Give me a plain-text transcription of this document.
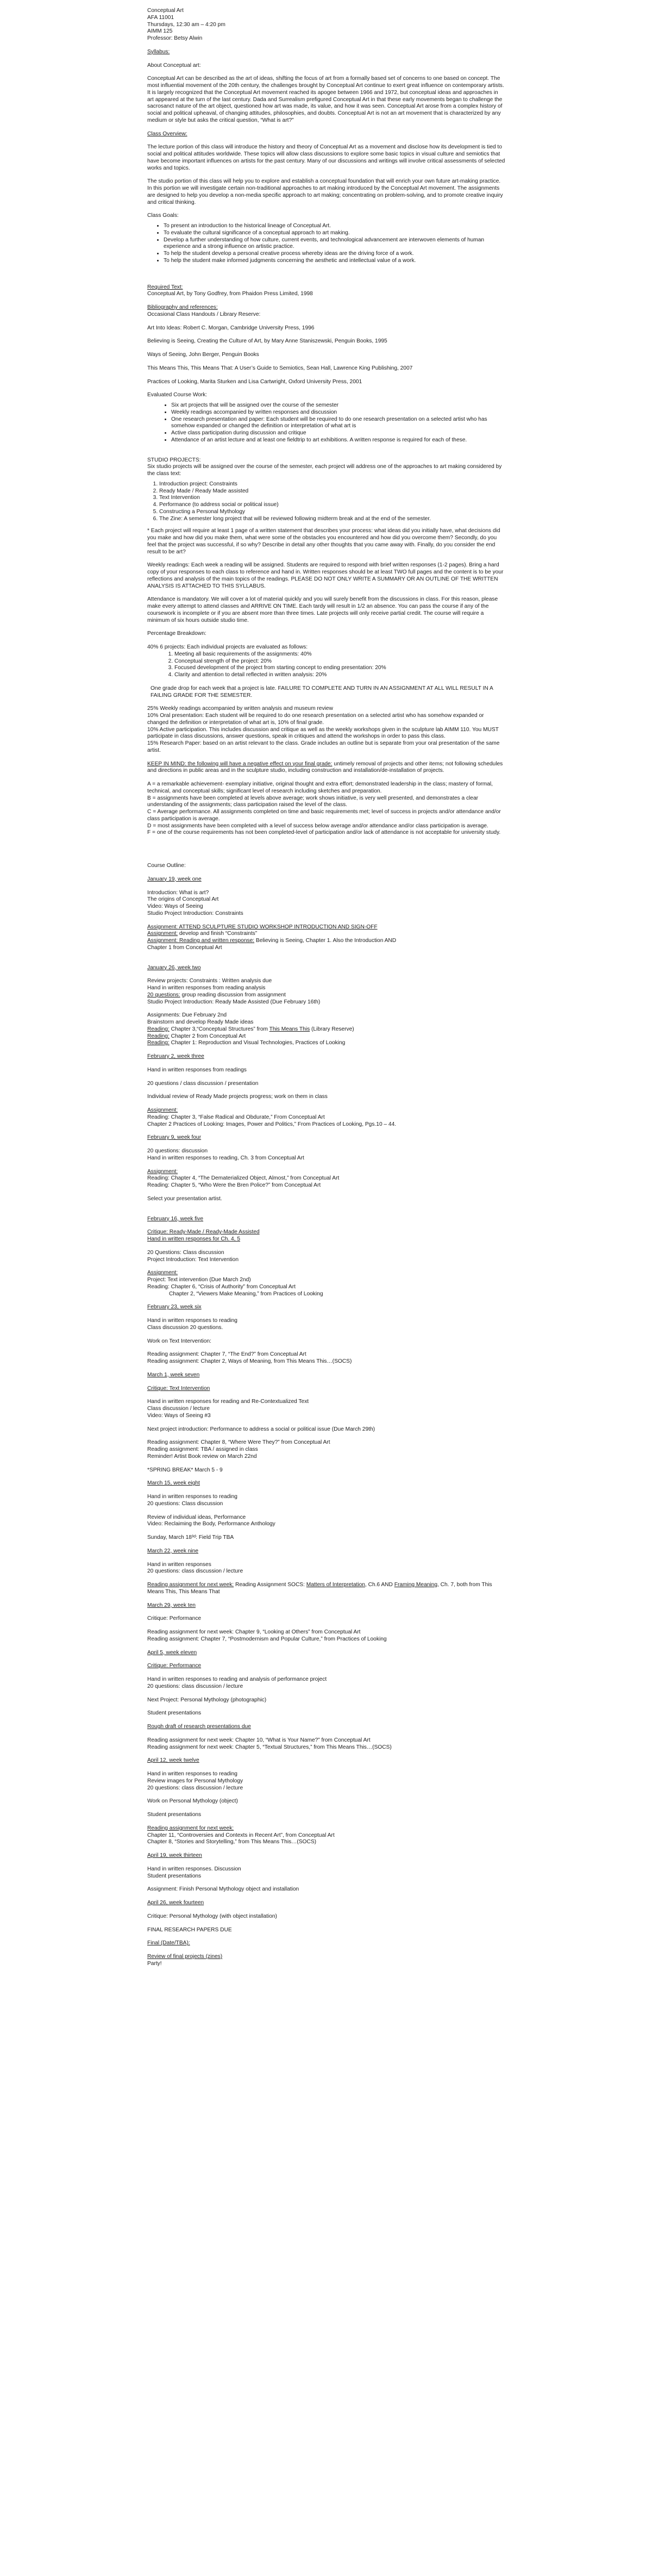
Conceptual Art
AFA 11001
Thursdays, 12:30 am – 4:20 pm
AIMM 125
Professor: Betsy Alwin

Syllabus:

About Conceptual art:

Conceptual Art can be described as the art of ideas, shifting the focus of art from a formally based set of concerns to one based on concept. The most influential movement of the 20th century, the challenges brought by Conceptual Art continue to exert great influence on contemporary artists. It is largely recognized that the Conceptual Art movement reached its apogee between 1966 and 1972, but conceptual ideas and approaches in art appeared at the turn of the last century. Dada and Surrealism prefigured Conceptual Art in that these early movements began to challenge the sacrosanct nature of the art object, questioned how art was made, its value, and how it was seen. Conceptual Art arose from a complex history of social and political upheaval, of changing attitudes, philosophies, and doubts. Conceptual Art is not an art movement that is characterized by any medium or style but asks the critical question, “What is art?”

Class Overview:

The lecture portion of this class will introduce the history and theory of Conceptual Art as a movement and disclose how its development is tied to social and political attitudes worldwide. These topics will allow class discussions to explore some basic topics in visual culture and semiotics that have become important influences on artists for the past century. Many of our discussions and writings will involve critical assessments of selected works and topics.

The studio portion of this class will help you to explore and establish a conceptual foundation that will enrich your own future art-making practice. In this portion we will investigate certain non-traditional approaches to art making introduced by the Conceptual Art movement. The assignments are designed to help you develop a non-media specific approach to art making; concentrating on problem-solving, and to promote creative inquiry and critical thinking.

Class Goals:

• To present an introduction to the historical lineage of Conceptual Art.
• To evaluate the cultural significance of a conceptual approach to art making.
• Develop a further understanding of how culture, current events, and technological advancement are interwoven elements of human experience and a strong influence on artistic practice.
• To help the student develop a personal creative process whereby ideas are the driving force of a work.
• To help the student make informed judgments concerning the aesthetic and intellectual value of a work.
Required Text:

Conceptual Art, by Tony Godfrey, from Phaidon Press Limited, 1998

Bibliography and references:

Occasional Class Handouts / Library Reserve:

Art Into Ideas: Robert C. Morgan, Cambridge University Press, 1996

Believing is Seeing, Creating the Culture of Art, by Mary Anne Staniszewski, Penguin Books, 1995

Ways of Seeing, John Berger, Penguin Books

This Means This, This Means That: A User’s Guide to Semiotics, Sean Hall, Lawrence King Publishing, 2007

Practices of Looking, Marita Sturken and Lisa Cartwright, Oxford University Press, 2001

Evaluated Course Work:

• Six art projects that will be assigned over the course of the semester
• Weekly readings accompanied by written responses and discussion
• One research presentation and paper: Each student will be required to do one research presentation on a selected artist who has somehow expanded or changed the definition or interpretation of what art is
• Active class participation during discussion and critique
• Attendance of an artist lecture and at least one fieldtrip to art exhibitions. A written response is required for each of these.
STUDIO PROJECTS:

Six studio projects will be assigned over the course of the semester, each project will address one of the approaches to art making considered by the class text:

1. Introduction project: Constraints
2. Ready Made / Ready Made assisted
3. Text Intervention
4. Performance (to address social or political issue)
5. Constructing a Personal Mythology
6. The Zine: A semester long project that will be reviewed following midterm break and at the end of the semester.

* Each project will require at least 1 page of a written statement that describes your process: what ideas did you initially have, what decisions did you make and how did you make them, what were some of the obstacles you encountered and how did you overcome them? Secondly, do you feel that the project was successful, if so why? Describe in detail any other thoughts that you came away with. Finally, do you consider the end result to be art?

Weekly readings: Each week a reading will be assigned. Students are required to respond with brief written responses (1-2 pages). Bring a hard copy of your responses to each class to reference and hand in. Written responses should be at least TWO full pages and the content is to be your reflections and analysis of the main topics of the readings. PLEASE DO NOT ONLY WRITE A SUMMARY OR AN OUTLINE OF THE WRITTEN ANALYSIS IS ATTACHED TO THIS SYLLABUS.

Attendance is mandatory. We will cover a lot of material quickly and you will surely benefit from the discussions in class. For this reason, please make every attempt to attend classes and ARRIVE ON TIME. Each tardy will result in 1/2 an absence. You can pass the course if any of the coursework is incomplete or if you are absent more than three times. Late projects will only receive partial credit. The course will require a minimum of six hours outside studio time.

Percentage Breakdown:

40% 6 projects: Each individual projects are evaluated as follows:
1. Meeting all basic requirements of the assignments: 40%
2. Conceptual strength of the project: 20%
3. Focused development of the project from starting concept to ending presentation: 20%
4. Clarity and attention to detail reflected in written analysis: 20%

One grade drop for each week that a project is late. FAILURE TO COMPLETE AND TURN IN AN ASSIGNMENT AT ALL WILL RESULT IN A FAILING GRADE FOR THE SEMESTER.

25% Weekly readings accompanied by written analysis and museum review
10% Oral presentation: Each student will be required to do one research presentation on a selected artist who has somehow expanded or changed the definition or interpretation of what art is, 10% of final grade.
10% Active participation. This includes discussion and critique as well as the weekly workshops given in the sculpture lab AIMM 110. You MUST participate in class discussions, answer questions, speak in critiques and attend the workshops in order to pass this class.
15% Research Paper: based on an artist relevant to the class. Grade includes an outline but is separate from your oral presentation of the same artist.

KEEP IN MIND: the following will have a negative effect on your final grade: untimely removal of projects and other items; not following schedules and directions in public areas and in the sculpture studio, including construction and installation/de-installation of projects.

A = a remarkable achievement- exemplary initiative, original thought and extra effort; demonstrated leadership in the class; mastery of formal, technical, and conceptual skills; significant level of research including sketches and preparation.
B = assignments have been completed at levels above average; work shows initiative, is very well presented, and demonstrates a clear understanding of the assignments; class participation raised the level of the class.
C = Average performance. All assignments completed on time and basic requirements met; level of success in projects and/or attendance and/or class participation is average.
D = most assignments have been completed with a level of success below average and/or attendance and/or class participation is average.
F = one of the course requirements has not been completed-level of participation and/or lack of attendance is not acceptable for university study.

Course Outline:

January 19, week one

Introduction: What is art?
The origins of Conceptual Art
Video: Ways of Seeing
Studio Project Introduction: Constraints
Assignment: ATTEND SCULPTURE STUDIO WORKSHOP INTRODUCTION AND SIGN-OFF
Assignment: develop and finish “Constraints”
Assignment: Reading and written response: Believing is Seeing, Chapter 1. Also the Introduction AND

Chapter 1 from Conceptual Art

January 26, week two

Review projects: Constraints : Written analysis due
Hand in written responses from reading analysis
20 questions: group reading discussion from assignment

Studio Project Introduction: Ready Made Assisted (Due February 16th)

Assignments: Due February 2nd
Brainstorm and develop Ready Made ideas
Reading: Chapter 3,“Conceptual Structures” from This Means This (Library Reserve)
Reading: Chapter 2 from Conceptual Art

Reading: Chapter 1: Reproduction and Visual Technologies, Practices of Looking

February 2, week three

Hand in written responses from readings

20 questions / class discussion / presentation

Individual review of Ready Made projects progress; work on them in class

Assignment:
Reading: Chapter 3, “False Radical and Obdurate,” From Conceptual Art

Chapter 2 Practices of Looking: Images, Power and Politics,” From Practices of Looking, Pgs.10 – 44.

February 9, week four

20 questions: discussion

Hand in written responses to reading, Ch. 3 from Conceptual Art

Assignment:
Reading: Chapter 4, “The Dematerialized Object, Almost,” from Conceptual Art

Reading: Chapter 5, “Who Were the Bren Police?” from Conceptual Art

Select your presentation artist.

February 16, week five

Critique: Ready-Made / Ready-Made Assisted

Hand in written responses for Ch. 4, 5

20 Questions: Class discussion

Project Introduction: Text Intervention

Assignment:
Project: Text intervention (Due March 2nd)
Reading: Chapter 6, “Crisis of Authority” from Conceptual Art

Chapter 2, “Viewers Make Meaning,” from Practices of Looking

February 23, week six

Hand in written responses to reading

Class discussion 20 questions.

Work on Text Intervention:

Reading assignment: Chapter 7, “The End?” from Conceptual Art

Reading assignment: Chapter 2, Ways of Meaning, from This Means This…(SOCS)

March 1, week seven

Critique: Text Intervention

Hand in written responses for reading and Re-Contextualized Text
Class discussion / lecture

Video: Ways of Seeing #3

Next project introduction: Performance to address a social or political issue (Due March 29th)

Reading assignment: Chapter 8, “Where Were They?” from Conceptual Art
Reading assignment: TBA / assigned in class

Reminder! Artist Book review on March 22nd

*SPRING BREAK* March 5 - 9

March 15, week eight

Hand in written responses to reading

20 questions: Class discussion

Review of individual ideas, Performance

Video: Reclaiming the Body, Performance Anthology

Sunday, March 18³ᵈ: Field Trip TBA

March 22, week nine

Hand in written responses

20 questions: class discussion / lecture

Reading assignment for next week: Reading Assignment SOCS: Matters of Interpretation, Ch.6 AND Framing Meaning, Ch. 7, both from This Means This, This Means That

March 29, week ten

Critique: Performance

Reading assignment for next week: Chapter 9, “Looking at Others” from Conceptual Art

Reading assignment: Chapter 7, “Postmodernism and Popular Culture,” from Practices of Looking

April 5, week eleven

Critique: Performance

Hand in written responses to reading and analysis of performance project

20 questions: class discussion / lecture

Next Project: Personal Mythology (photographic)

Student presentations

Rough draft of research presentations due

Reading assignment for next week: Chapter 10, “What is Your Name?” from Conceptual Art

Reading assignment for next week: Chapter 5, “Textual Structures,” from This Means This…(SOCS)

April 12, week twelve

Hand in written responses to reading
Review images for Personal Mythology

20 questions: class discussion / lecture

Work on Personal Mythology (object)

Student presentations

Reading assignment for next week:
Chapter 11, “Controversies and Contexts in Recent Art”, from Conceptual Art

Chapter 8, “Stories and Storytelling,” from This Means This…(SOCS)

April 19, week thirteen

Hand in written responses. Discussion

Student presentations

Assignment: Finish Personal Mythology object and installation

April 26, week fourteen

Critique: Personal Mythology (with object installation)

FINAL RESEARCH PAPERS DUE

Final (Date/TBA):

Review of final projects (zines)
Party!
